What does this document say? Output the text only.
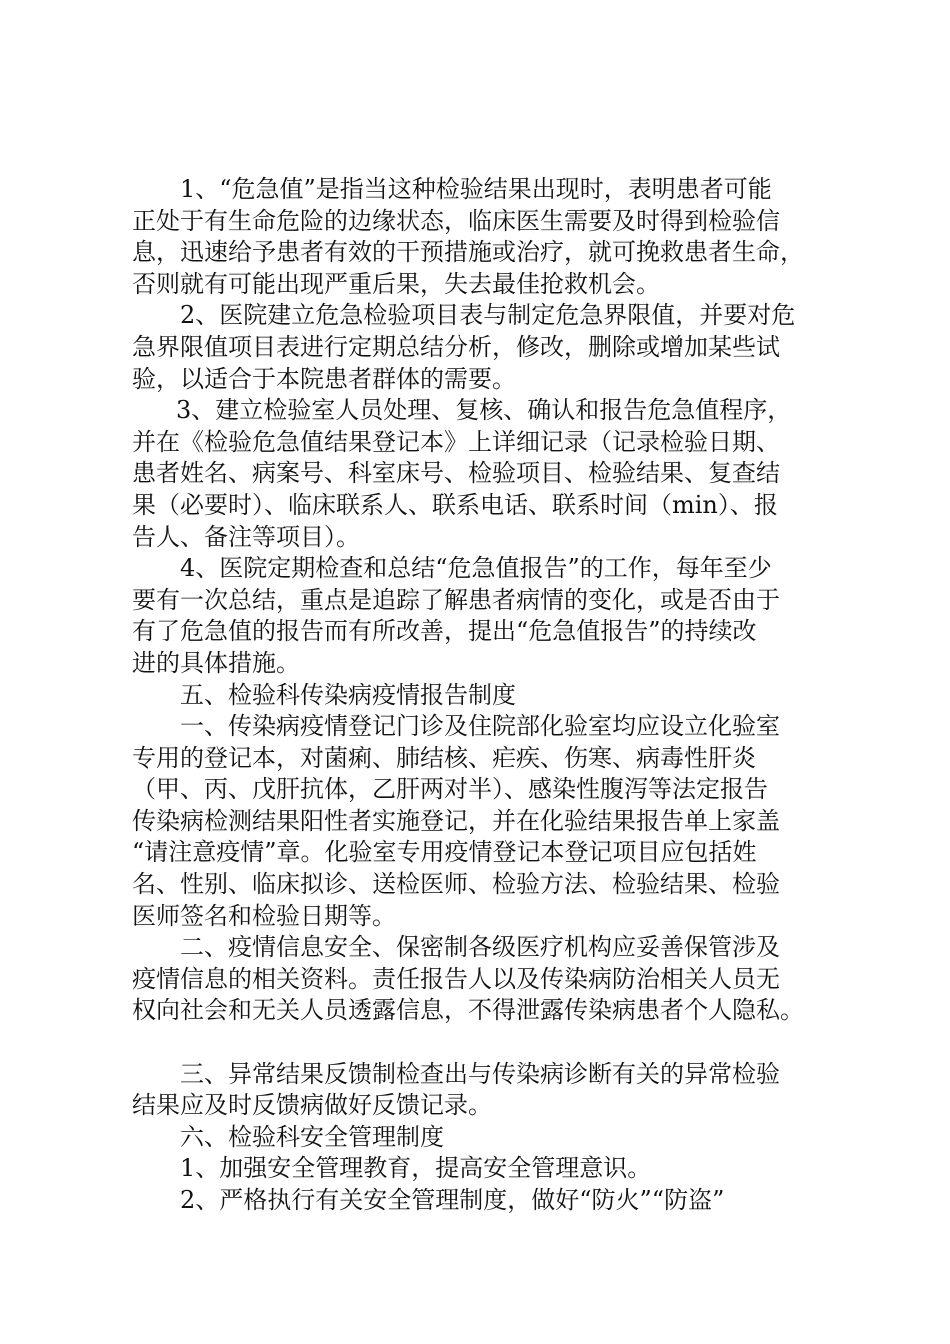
1、“危急值”是指当这种检验结果出现时，表明患者可能
正处于有生命危险的边缘状态，临床医生需要及时得到检验信
息，迅速给予患者有效的干预措施或治疗，就可挽救患者生命，
否则就有可能出现严重后果，失去最佳抢救机会。
2、医院建立危急检验项目表与制定危急界限值，并要对危
急界限值项目表进行定期总结分析，修改，删除或增加某些试
验，以适合于本院患者群体的需要。
3、建立检验室人员处理、复核、确认和报告危急值程序，
并在《检验危急值结果登记本》上详细记录（记录检验日期、
患者姓名、病案号、科室床号、检验项目、检验结果、复查结
果（必要时）、临床联系人、联系电话、联系时间（min）、报
告人、备注等项目）。
4、医院定期检查和总结“危急值报告”的工作，每年至少
要有一次总结，重点是追踪了解患者病情的变化，或是否由于
有了危急值的报告而有所改善，提出“危急值报告”的持续改
进的具体措施。
五、检验科传染病疫情报告制度
一、传染病疫情登记门诊及住院部化验室均应设立化验室
专用的登记本，对菌痢、肺结核、疟疾、伤寒、病毒性肝炎
（甲、丙、戊肝抗体，乙肝两对半）、感染性腹泻等法定报告
传染病检测结果阳性者实施登记，并在化验结果报告单上家盖
“请注意疫情”章。化验室专用疫情登记本登记项目应包括姓
名、性别、临床拟诊、送检医师、检验方法、检验结果、检验
医师签名和检验日期等。
二、疫情信息安全、保密制各级医疗机构应妥善保管涉及
疫情信息的相关资料。责任报告人以及传染病防治相关人员无
权向社会和无关人员透露信息，不得泄露传染病患者个人隐私。
三、异常结果反馈制检查出与传染病诊断有关的异常检验
结果应及时反馈病做好反馈记录。
六、检验科安全管理制度
1、加强安全管理教育，提高安全管理意识。
2、严格执行有关安全管理制度，做好“防火”“防盗”
